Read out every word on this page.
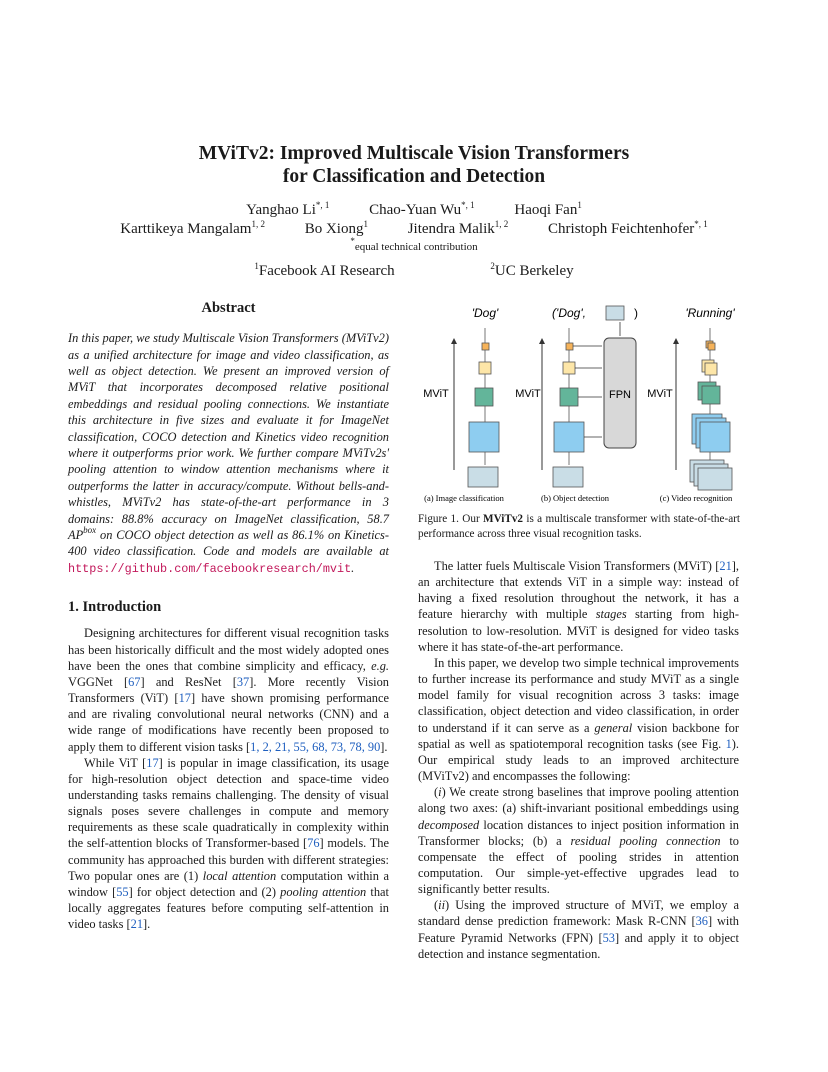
MViTv2: Improved Multiscale Vision Transformers
for Classification and Detection
Yanghao $Li^{*, 1}$	Chao-Yuan $Wu^{*, 1}$	Haoqi Fan$^1$
Karttikeya Mangalam$^{1, 2}$	Bo Xiong$^1$	Jitendra Malik$^{1, 2}$	Christoph Feichtenhofer$^{*, 1}$
*equal technical contribution
$^1$Facebook AI Research	$^2$UC Berkeley
Abstract

In this paper, we study Multiscale Vision Transformers (MViTv2) as a unified architecture for image and video classification, as well as object detection. We present an improved version of MViT that incorporates decomposed relative positional embeddings and residual pooling connections. We instantiate this architecture in five sizes and evaluate it for ImageNet classification, COCO detection and Kinetics video recognition where it outperforms prior work. We further compare MViTv2s' pooling attention to window attention mechanisms where it outperforms the latter in accuracy/compute. Without bells-and-whistles, MViTv2 has state-of-the-art performance in 3 domains: 88.8% accuracy on ImageNet classification, 58.7 $AP^{box}$ on COCO object detection as well as 86.1% on Kinetics-400 video classification. Code and models are available at https://github.com/facebookresearch/mvit.

1. Introduction

Designing architectures for different visual recognition tasks has been historically difficult and the most widely adopted ones have been the ones that combine simplicity and efficacy, e.g. VGGNet [67] and ResNet [37]. More recently Vision Transformers (ViT) [17] have shown promising performance and are rivaling convolutional neural networks (CNN) and a wide range of modifications have recently been proposed to apply them to different vision tasks [1, 2, 21, 55, 68, 73, 78, 90].

While ViT [17] is popular in image classification, its usage for high-resolution object detection and space-time video understanding tasks remains challenging. The density of visual signals poses severe challenges in compute and memory requirements as these scale quadratically in complexity within the self-attention blocks of Transformer-based [76] models. The community has approached this burden with different strategies: Two popular ones are (1) local attention computation within a window [55] for object detection and (2) pooling attention that locally aggregates features before computing self-attention in video tasks [21].

'Dog'	('Dog',	)	'Running'
MViT	MViT	FPN MViT
(a) Image classification	(b) Object detection	(c) Video recognition
Figure 1. Our MViTv2 is a multiscale transformer with state-of-the-art performance across three visual recognition tasks.

The latter fuels Multiscale Vision Transformers (MViT) [21], an architecture that extends ViT in a simple way: instead of having a fixed resolution throughout the network, it has a feature hierarchy with multiple stages starting from high-resolution to low-resolution. MViT is designed for video tasks where it has state-of-the-art performance.

In this paper, we develop two simple technical improvements to further increase its performance and study MViT as a single model family for visual recognition across 3 tasks: image classification, object detection and video classification, in order to understand if it can serve as a general vision backbone for spatial as well as spatiotemporal recognition tasks (see Fig. 1). Our empirical study leads to an improved architecture (MViTv2) and encompasses the following:

(i) We create strong baselines that improve pooling attention along two axes: (a) shift-invariant positional embeddings using decomposed location distances to inject position information in Transformer blocks; (b) a residual pooling connection to compensate the effect of pooling strides in attention computation. Our simple-yet-effective upgrades lead to significantly better results.

(ii) Using the improved structure of MViT, we employ a standard dense prediction framework: Mask R-CNN [36] with Feature Pyramid Networks (FPN) [53] and apply it to object detection and instance segmentation.
